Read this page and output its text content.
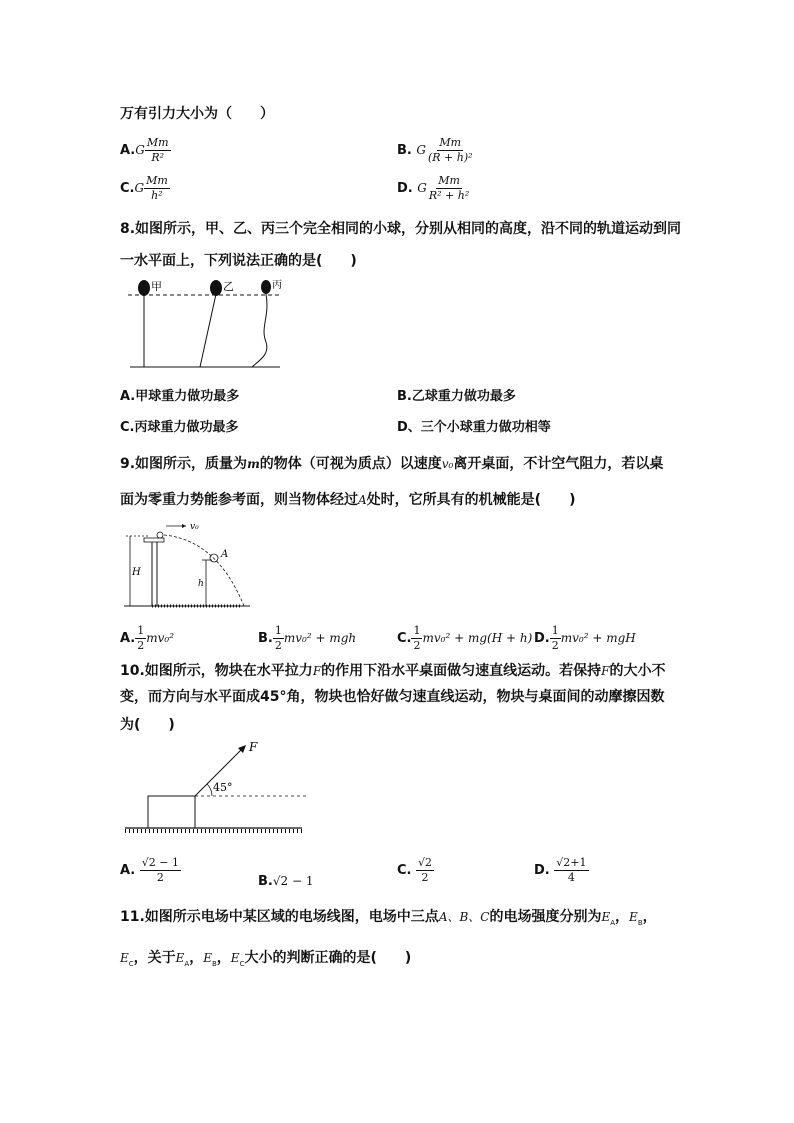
万有引力大小为（　　）
$A.G \frac{Mm}{\text{R²}}$	B. G $\frac{Mm}{\text{(R + h)²}}$
$C.G \frac{Mm}{\text{h²}}$	D. G $\frac{Mm}{\text{R² + h²}}$
8.如图所示，甲、乙、丙三个完全相同的小球，分别从相同的高度，沿不同的轨道运动到同
一水平面上，下列说法正确的是(　　)
甲	乙	丙
A.甲球重力做功最多	B.乙球重力做功最多
C.丙球重力做功最多	D、三个小球重力做功相等
9.如图所示，质量为m的物体（可视为质点）以速度v₀离开桌面，不计空气阻力，若以桌
面为零重力势能参考面，则当物体经过A处时，它所具有的机械能是(　　)
H
v₀
A
h
A. $\frac{1}{2} mv_0^2$	B. $\frac{1}{2} mv_0^2$ + mgh	C. $\frac{1}{2} mv_0^2 + mg(H + h)$ D. $\frac{1}{2} mv_0^2$ + mgH
10.如图所示，物块在水平拉力F的作用下沿水平桌面做匀速直线运动。若保持F的大小不
变，而方向与水平面成45°角，物块也恰好做匀速直线运动，物块与桌面间的动摩擦因数
为(　　)
F
45°
A. $\frac{√2 - 1}{2}$	B.√2 − 1
C. $\frac{√2}{2}$	D. $\frac{√2+1}{4}$
11.如图所示电场中某区域的电场线图，电场中三点A、B、C的电场强度分别为$E_A$，$E_B$，
$E_C$，关于$E_A$，$E_B$，$E_C$大小的判断正确的是(　　)
